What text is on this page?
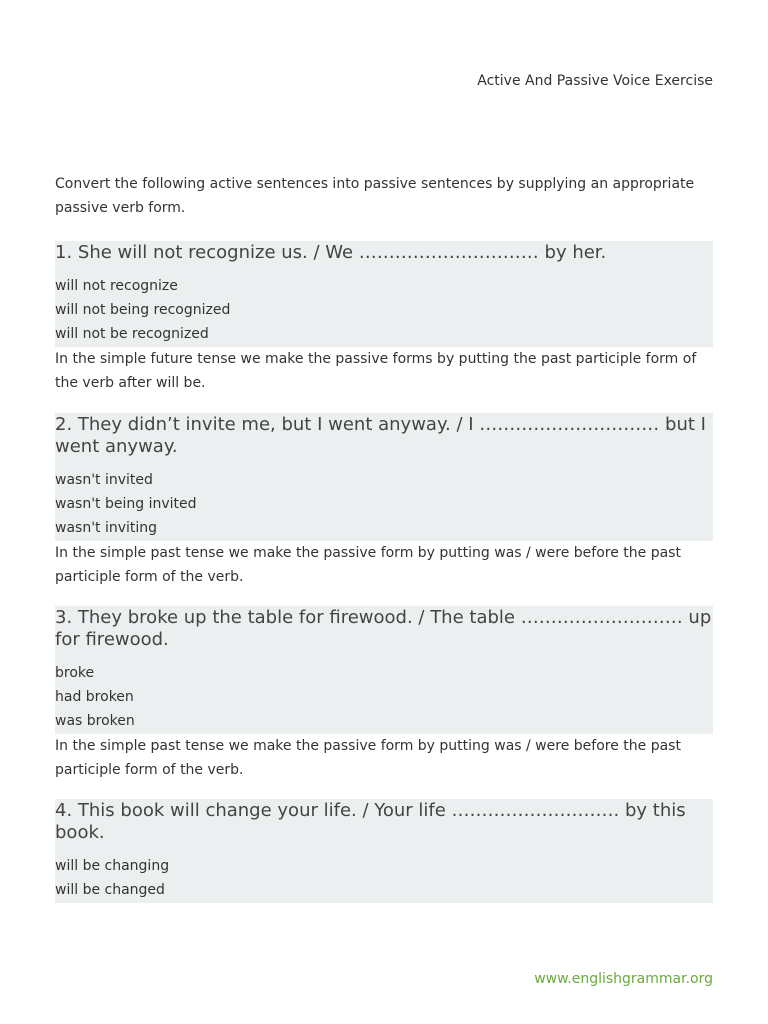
Active And Passive Voice Exercise
Convert the following active sentences into passive sentences by supplying an appropriate passive verb form.

1. She will not recognize us. / We ………………………… by her.

will not recognize
will not being recognized
will not be recognized
In the simple future tense we make the passive forms by putting the past participle form of the verb after will be.

2. They didn’t invite me, but I went anyway. / I ………………………… but I went anyway.

wasn't invited
wasn't being invited
wasn't inviting
In the simple past tense we make the passive form by putting was / were before the past participle form of the verb.

3. They broke up the table for firewood. / The table ……………………… up for firewood.

broke
had broken
was broken
In the simple past tense we make the passive form by putting was / were before the past participle form of the verb.

4. This book will change your life. / Your life ………………………. by this book.

will be changing
will be changed
www.englishgrammar.org
